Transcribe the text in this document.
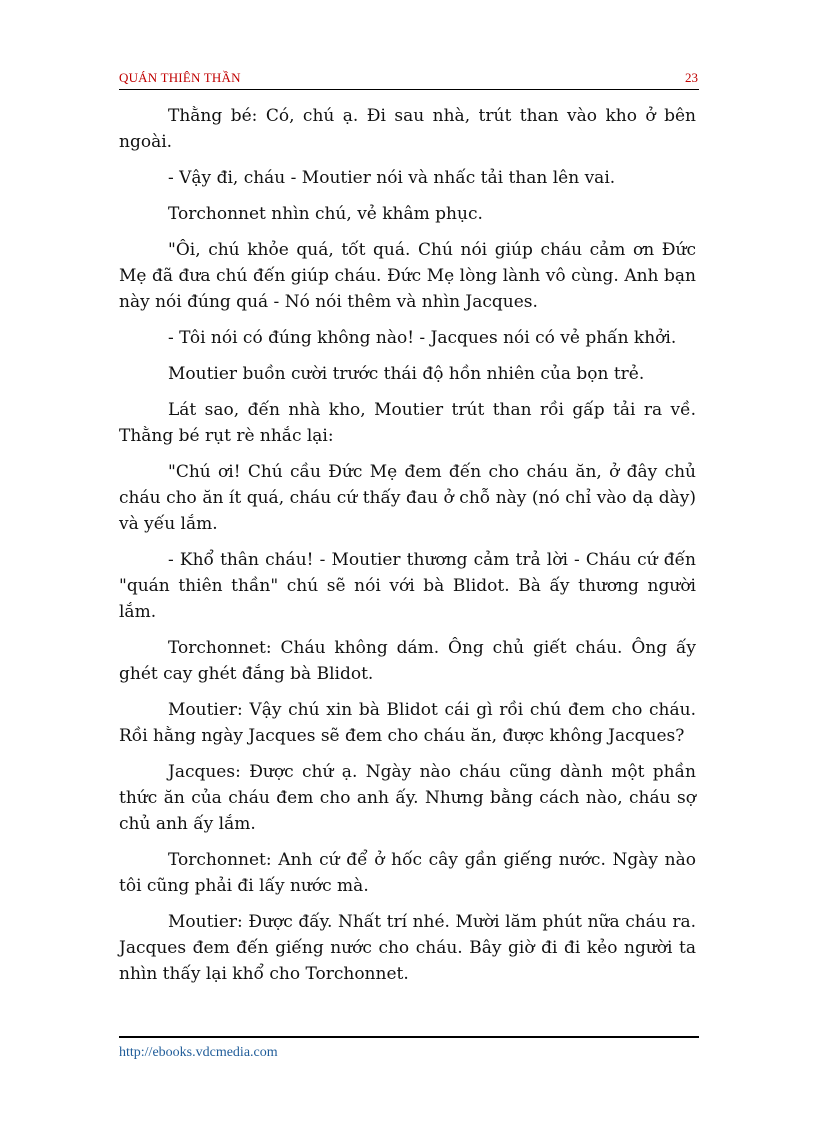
QUÁN THIÊN THẦN	23

Thằng bé: Có, chú ạ. Đi sau nhà, trút than vào kho ở bên ngoài.

- Vậy đi, cháu - Moutier nói và nhấc tải than lên vai.

Torchonnet nhìn chú, vẻ khâm phục.

"Ôi, chú khỏe quá, tốt quá. Chú nói giúp cháu cảm ơn Đức Mẹ đã đưa chú đến giúp cháu. Đức Mẹ lòng lành vô cùng. Anh bạn này nói đúng quá - Nó nói thêm và nhìn Jacques.

- Tôi nói có đúng không nào! - Jacques nói có vẻ phấn khởi.

Moutier buồn cười trước thái độ hồn nhiên của bọn trẻ.

Lát sao, đến nhà kho, Moutier trút than rồi gấp tải ra về. Thằng bé rụt rè nhắc lại:

"Chú ơi! Chú cầu Đức Mẹ đem đến cho cháu ăn, ở đây chủ cháu cho ăn ít quá, cháu cứ thấy đau ở chỗ này (nó chỉ vào dạ dày) và yếu lắm.

- Khổ thân cháu! - Moutier thương cảm trả lời - Cháu cứ đến "quán thiên thần" chú sẽ nói với bà Blidot. Bà ấy thương người lắm.

Torchonnet: Cháu không dám. Ông chủ giết cháu. Ông ấy ghét cay ghét đắng bà Blidot.

Moutier: Vậy chú xin bà Blidot cái gì rồi chú đem cho cháu. Rồi hằng ngày Jacques sẽ đem cho cháu ăn, được không Jacques?

Jacques: Được chứ ạ. Ngày nào cháu cũng dành một phần thức ăn của cháu đem cho anh ấy. Nhưng bằng cách nào, cháu sợ chủ anh ấy lắm.

Torchonnet: Anh cứ để ở hốc cây gần giếng nước. Ngày nào tôi cũng phải đi lấy nước mà.

Moutier: Được đấy. Nhất trí nhé. Mười lăm phút nữa cháu ra. Jacques đem đến giếng nước cho cháu. Bây giờ đi đi kẻo người ta nhìn thấy lại khổ cho Torchonnet.

http://ebooks.vdcmedia.com
